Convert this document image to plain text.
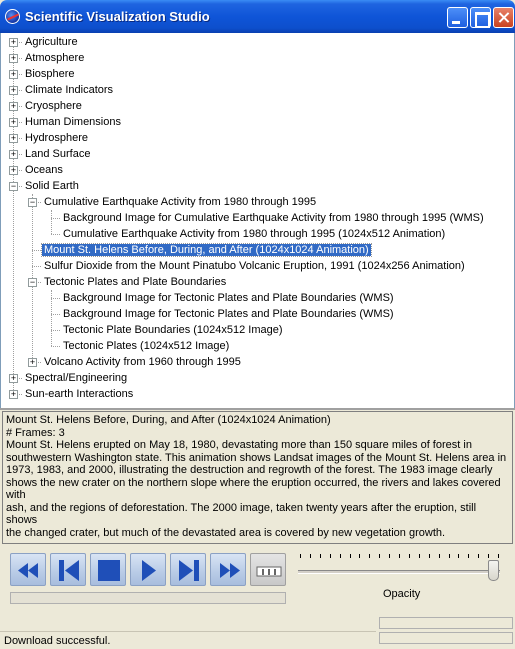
Scientific Visualization Studio
+ Agriculture
+ Atmosphere
+ Biosphere
+ Climate Indicators
+ Cryosphere
+ Human Dimensions
+ Hydrosphere
+ Land Surface
+ Oceans
− Solid Earth
− Cumulative Earthquake Activity from 1980 through 1995
Background Image for Cumulative Earthquake Activity from 1980 through 1995 (WMS)
Cumulative Earthquake Activity from 1980 through 1995 (1024x512 Animation)
Mount St. Helens Before, During, and After (1024x1024 Animation)
Sulfur Dioxide from the Mount Pinatubo Volcanic Eruption, 1991 (1024x256 Animation)
− Tectonic Plates and Plate Boundaries
Background Image for Tectonic Plates and Plate Boundaries (WMS)
Background Image for Tectonic Plates and Plate Boundaries (WMS)
Tectonic Plate Boundaries (1024x512 Image)
Tectonic Plates (1024x512 Image)
+ Volcano Activity from 1960 through 1995
+ Spectral/Engineering
+ Sun-earth Interactions
Mount St. Helens Before, During, and After (1024x1024 Animation)
# Frames: 3
Mount St. Helens erupted on May 18, 1980, devastating more than 150 square miles of forest in
southwestern Washington state. This animation shows Landsat images of the Mount St. Helens area in
1973, 1983, and 2000, illustrating the destruction and regrowth of the forest. The 1983 image clearly
shows the new crater on the northern slope where the eruption occurred, the rivers and lakes covered with
ash, and the regions of deforestation. The 2000 image, taken twenty years after the eruption, still shows
the changed crater, but much of the devastated area is covered by new vegetation growth.
Opacity
Download successful.
